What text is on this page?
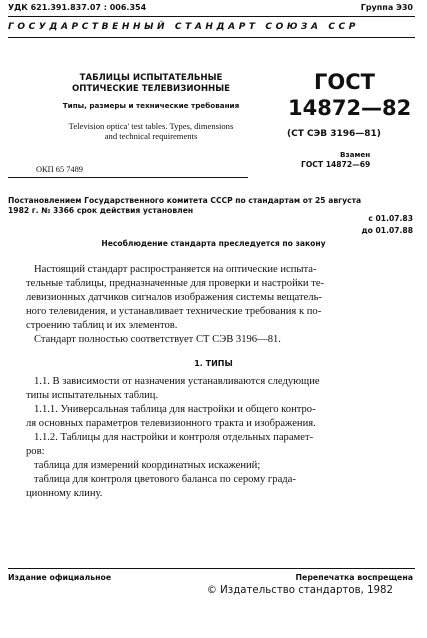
УДК 621.391.837.07 : 006.354	Группа Э30
ГОСУДАРСТВЕННЫЙ СТАНДАРТ СОЮЗА ССР
ТАБЛИЦЫ ИСПЫТАТЕЛЬНЫЕ
ОПТИЧЕСКИЕ ТЕЛЕВИЗИОННЫЕ
Типы, размеры и технические требования
Television optica' test tables. Types, dimensions
and technical requirements
ГОСТ
14872—82
(СТ СЭВ 3196—81)
Взамен
ГОСТ 14872—69
ОКП 65 7489
Постановлением Государственного комитета СССР по стандартам от 25 августа
1982 г. № 3366 срок действия установлен
с 01.07.83
до 01.07.88
Несоблюдение стандарта преследуется по закону
Настоящий стандарт распространяется на оптические испыта-
тельные таблицы, предназначенные для проверки и настройки те-
левизионных датчиков сигналов изображения системы вещатель-
ного телевидения, и устанавливает технические требования к по-
строению таблиц и их элементов.
Стандарт полностью соответствует СТ СЭВ 3196—81.
1. ТИПЫ
1.1. В зависимости от назначения устанавливаются следующие
типы испытательных таблиц.
1.1.1. Универсальная таблица для настройки и общего контро-
ля основных параметров телевизионного тракта и изображения.
1.1.2. Таблицы для настройки и контроля отдельных парамет-
ров:
таблица для измерений координатных искажений;
таблица для контроля цветового баланса по серому града-
ционному клину.
Издание официальное	Перепечатка воспрещена
© Издательство стандартов, 1982
